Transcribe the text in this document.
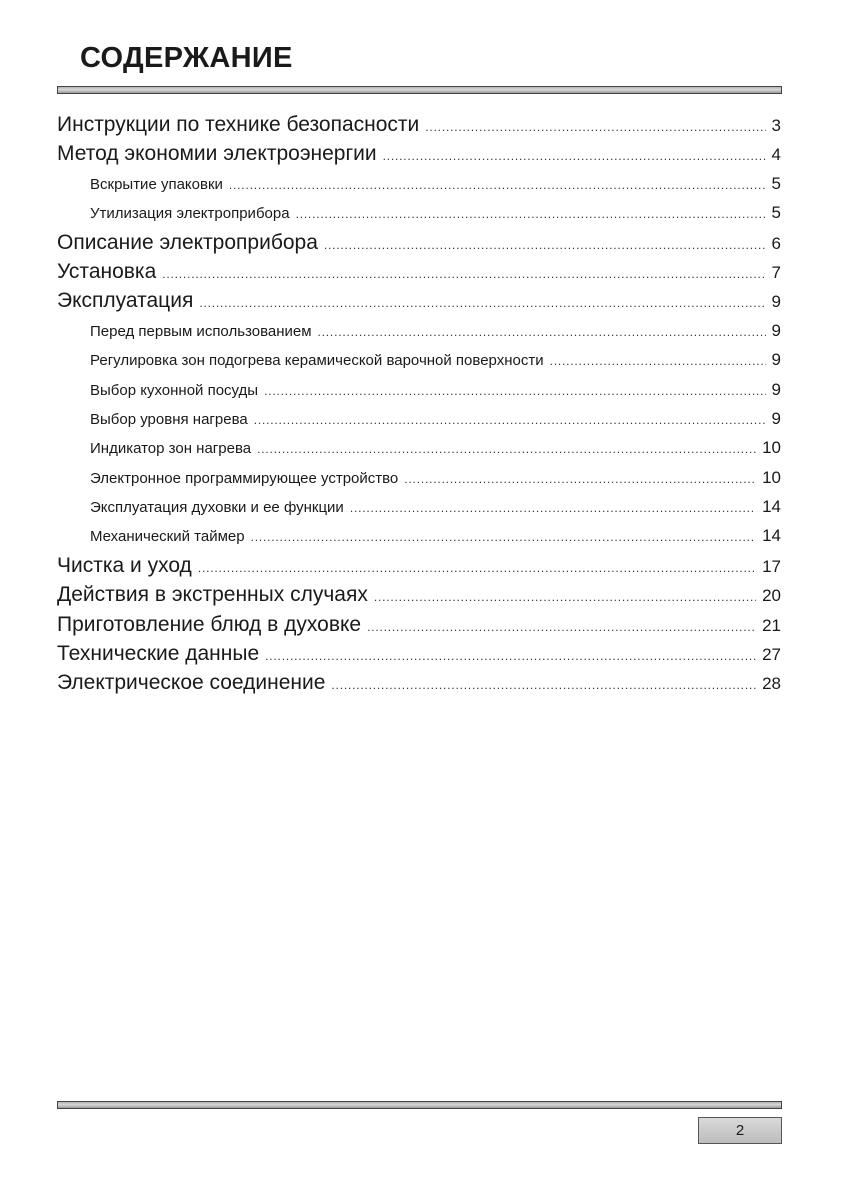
СОДЕРЖАНИЕ
Инструкции по технике безопасности .....	3
Метод экономии электроэнергии .....	4
Вскрытие упаковки .....	5
Утилизация электроприбора .....	5
Описание электроприбора .....	6
Установка .....	7
Эксплуатация .....	9
Перед первым использованием .....	9
Регулировка зон подогрева керамической варочной поверхности .....	9
Выбор кухонной посуды .....	9
Выбор уровня нагрева .....	9
Индикатор зон нагрева .....	10
Электронное программирующее устройство .....	10
Эксплуатация духовки и ее функции .....	14
Механический таймер .....	14
Чистка и уход .....	17
Действия в экстренных случаях .....	20
Приготовление блюд в духовке .....	21
Технические данные .....	27
Электрическое соединение .....	28
2
